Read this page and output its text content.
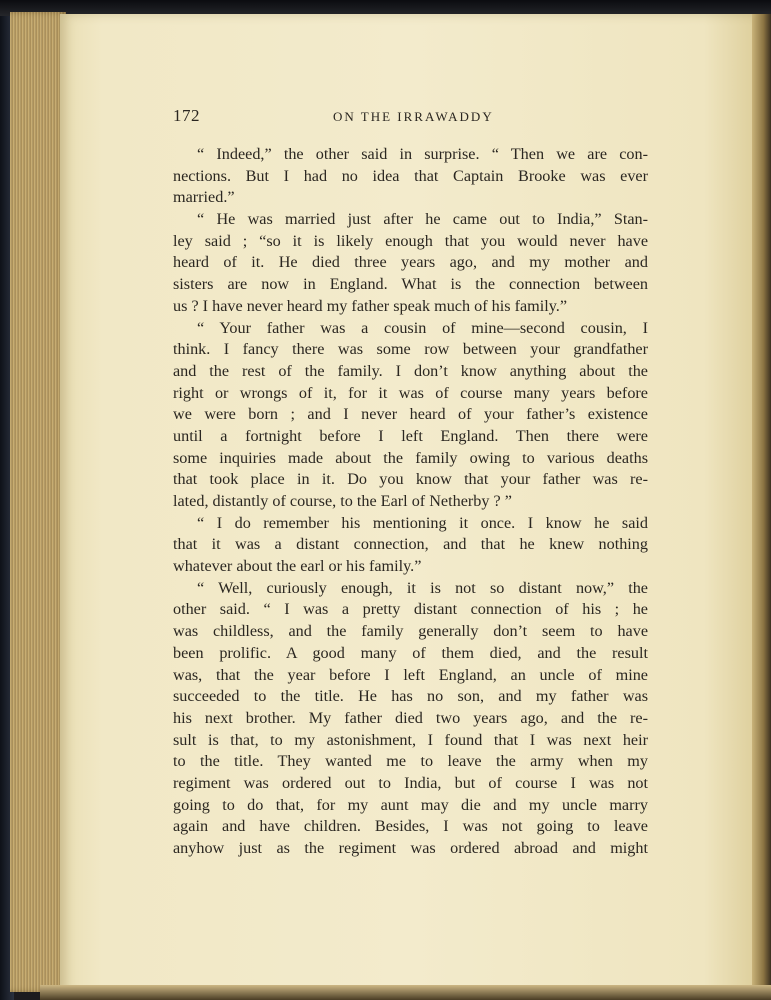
172	ON THE IRRAWADDY
“ Indeed,” the other said in surprise. “ Then we are con-
nections. But I had no idea that Captain Brooke was ever
married.”
“ He was married just after he came out to India,” Stan-
ley said ; “so it is likely enough that you would never have
heard of it. He died three years ago, and my mother and
sisters are now in England. What is the connection between
us ? I have never heard my father speak much of his family.”
“ Your father was a cousin of mine—second cousin, I
think. I fancy there was some row between your grandfather
and the rest of the family. I don’t know anything about the
right or wrongs of it, for it was of course many years before
we were born ; and I never heard of your father’s existence
until a fortnight before I left England. Then there were
some inquiries made about the family owing to various deaths
that took place in it. Do you know that your father was re-
lated, distantly of course, to the Earl of Netherby ? ”
“ I do remember his mentioning it once. I know he said
that it was a distant connection, and that he knew nothing
whatever about the earl or his family.”
“ Well, curiously enough, it is not so distant now,” the
other said. “ I was a pretty distant connection of his ; he
was childless, and the family generally don’t seem to have
been prolific. A good many of them died, and the result
was, that the year before I left England, an uncle of mine
succeeded to the title. He has no son, and my father was
his next brother. My father died two years ago, and the re-
sult is that, to my astonishment, I found that I was next heir
to the title. They wanted me to leave the army when my
regiment was ordered out to India, but of course I was not
going to do that, for my aunt may die and my uncle marry
again and have children. Besides, I was not going to leave
anyhow just as the regiment was ordered abroad and might
